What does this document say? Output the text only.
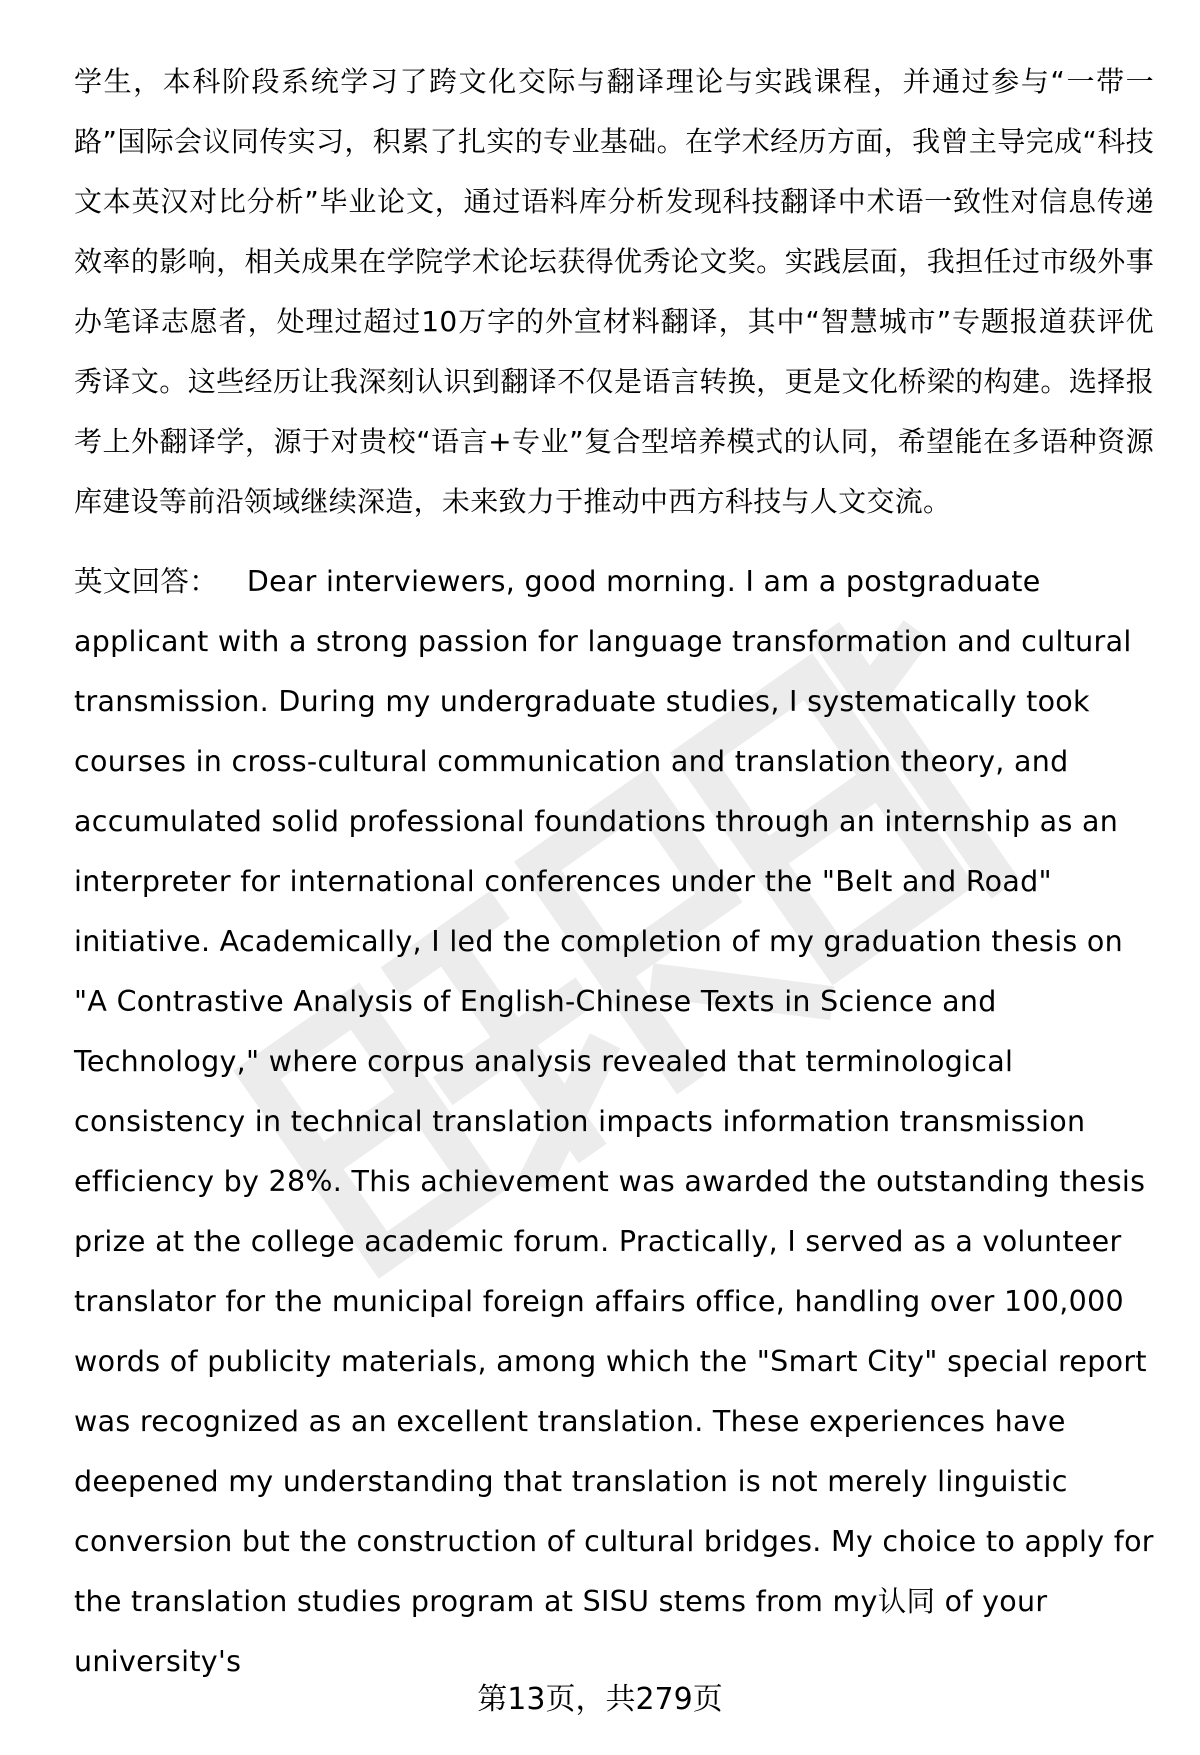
学生，本科阶段系统学习了跨文化交际与翻译理论与实践课程，并通过参与“一带一路”国际会议同传实习，积累了扎实的专业基础。在学术经历方面，我曾主导完成“科技文本英汉对比分析”毕业论文，通过语料库分析发现科技翻译中术语一致性对信息传递效率的影响，相关成果在学院学术论坛获得优秀论文奖。实践层面，我担任过市级外事办笔译志愿者，处理过超过10万字的外宣材料翻译，其中“智慧城市”专题报道获评优秀译文。这些经历让我深刻认识到翻译不仅是语言转换，更是文化桥梁的构建。选择报考上外翻译学，源于对贵校“语言+专业”复合型培养模式的认同，希望能在多语种资源库建设等前沿领域继续深造，未来致力于推动中西方科技与人文交流。

英文回答：  Dear interviewers, good morning. I am a postgraduate applicant with a strong passion for language transformation and cultural transmission. During my undergraduate studies, I systematically took courses in cross-cultural communication and translation theory, and accumulated solid professional foundations through an internship as an interpreter for international conferences under the "Belt and Road" initiative. Academically, I led the completion of my graduation thesis on "A Contrastive Analysis of English-Chinese Texts in Science and Technology," where corpus analysis revealed that terminological consistency in technical translation impacts information transmission efficiency by 28%. This achievement was awarded the outstanding thesis prize at the college academic forum. Practically, I served as a volunteer translator for the municipal foreign affairs office, handling over 100,000 words of publicity materials, among which the "Smart City" special report was recognized as an excellent translation. These experiences have deepened my understanding that translation is not merely linguistic conversion but the construction of cultural bridges. My choice to apply for the translation studies program at SISU stems from my认同 of your university's

第13页，共279页
